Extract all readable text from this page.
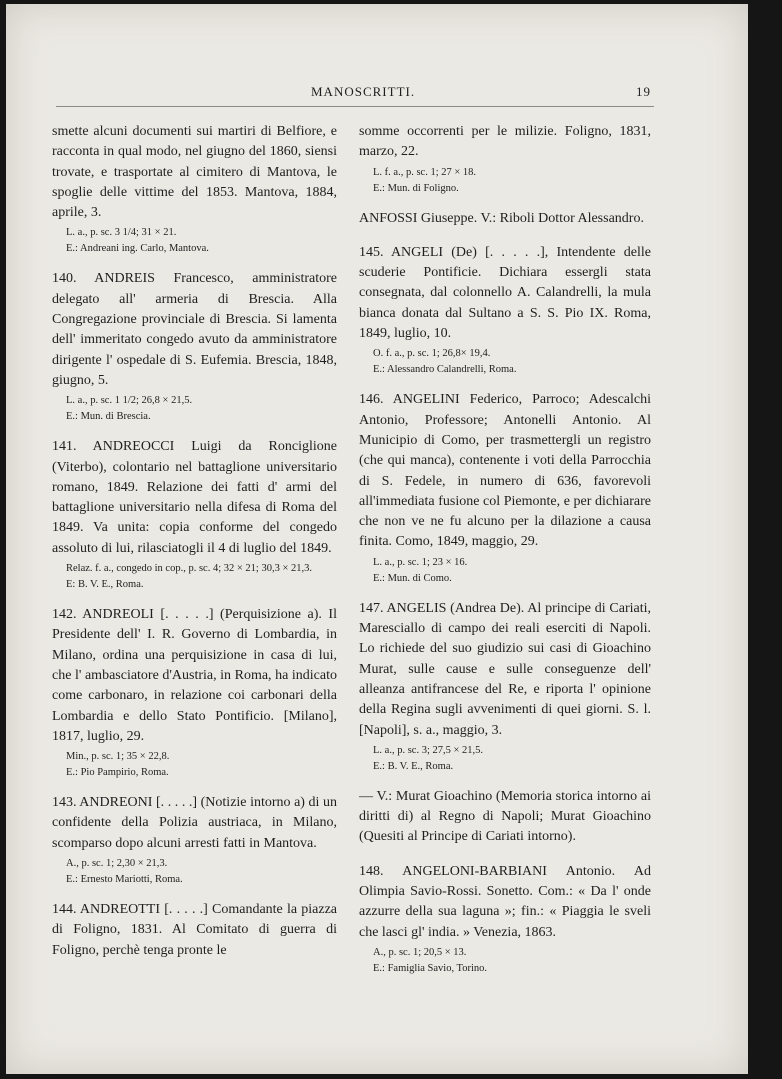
MANOSCRITTI.	19

smette alcuni documenti sui martiri di Belfiore, e racconta in qual modo, nel giugno del 1860, siensi trovate, e trasportate al cimitero di Mantova, le spoglie delle vittime del 1853. Mantova, 1884, aprile, 3.

L. a., p. sc. 3 1/4; 31 × 21.
E.: Andreani ing. Carlo, Mantova.

140. ANDREIS Francesco, amministratore delegato all' armeria di Brescia. Alla Congregazione provinciale di Brescia. Si lamenta dell' immeritato congedo avuto da amministratore dirigente l' ospedale di S. Eufemia. Brescia, 1848, giugno, 5.

L. a., p. sc. 1 1/2; 26,8 × 21,5.
E.: Mun. di Brescia.

141. ANDREOCCI Luigi da Ronciglione (Viterbo), colontario nel battaglione universitario romano, 1849. Relazione dei fatti d' armi del battaglione universitario nella difesa di Roma del 1849. Va unita: copia conforme del congedo assoluto di lui, rilasciatogli il 4 di luglio del 1849.

Relaz. f. a., congedo in cop., p. sc. 4; 32 × 21; 30,3 × 21,3.
E: B. V. E., Roma.

142. ANDREOLI [. . . . .] (Perquisizione a). Il Presidente dell' I. R. Governo di Lombardia, in Milano, ordina una perquisizione in casa di lui, che l' ambasciatore d'Austria, in Roma, ha indicato come carbonaro, in relazione coi carbonari della Lombardia e dello Stato Pontificio. [Milano], 1817, luglio, 29.

Min., p. sc. 1; 35 × 22,8.
E.: Pio Pampirio, Roma.

143. ANDREONI [. . . . .] (Notizie intorno a) di un confidente della Polizia austriaca, in Milano, scomparso dopo alcuni arresti fatti in Mantova.

A., p. sc. 1; 2,30 × 21,3.
E.: Ernesto Mariotti, Roma.

144. ANDREOTTI [. . . . .] Comandante la piazza di Foligno, 1831. Al Comitato di guerra di Foligno, perchè tenga pronte le

somme occorrenti per le milizie. Foligno, 1831, marzo, 22.

L. f. a., p. sc. 1; 27 × 18.
E.: Mun. di Foligno.

ANFOSSI Giuseppe. V.: Riboli Dottor Alessandro.

145. ANGELI (De) [. . . . .], Intendente delle scuderie Pontificie. Dichiara essergli stata consegnata, dal colonnello A. Calandrelli, la mula bianca donata dal Sultano a S. S. Pio IX. Roma, 1849, luglio, 10.

O. f. a., p. sc. 1; 26,8× 19,4.
E.: Alessandro Calandrelli, Roma.

146. ANGELINI Federico, Parroco; Adescalchi Antonio, Professore; Antonelli Antonio. Al Municipio di Como, per trasmettergli un registro (che qui manca), contenente i voti della Parrocchia di S. Fedele, in numero di 636, favorevoli all'immediata fusione col Piemonte, e per dichiarare che non ve ne fu alcuno per la dilazione a causa finita. Como, 1849, maggio, 29.

L. a., p. sc. 1; 23 × 16.
E.: Mun. di Como.

147. ANGELIS (Andrea De). Al principe di Cariati, Maresciallo di campo dei reali eserciti di Napoli. Lo richiede del suo giudizio sui casi di Gioachino Murat, sulle cause e sulle conseguenze dell' alleanza antifrancese del Re, e riporta l' opinione della Regina sugli avvenimenti di quei giorni. S. l. [Napoli], s. a., maggio, 3.

L. a., p. sc. 3; 27,5 × 21,5.
E.: B. V. E., Roma.

— V.: Murat Gioachino (Memoria storica intorno ai diritti di) al Regno di Napoli; Murat Gioachino (Quesiti al Principe di Cariati intorno).

148. ANGELONI-BARBIANI Antonio. Ad Olimpia Savio-Rossi. Sonetto. Com.: « Da l' onde azzurre della sua laguna »; fin.: « Piaggia le sveli che lasci gl' india. » Venezia, 1863.

A., p. sc. 1; 20,5 × 13.
E.: Famiglia Savio, Torino.
